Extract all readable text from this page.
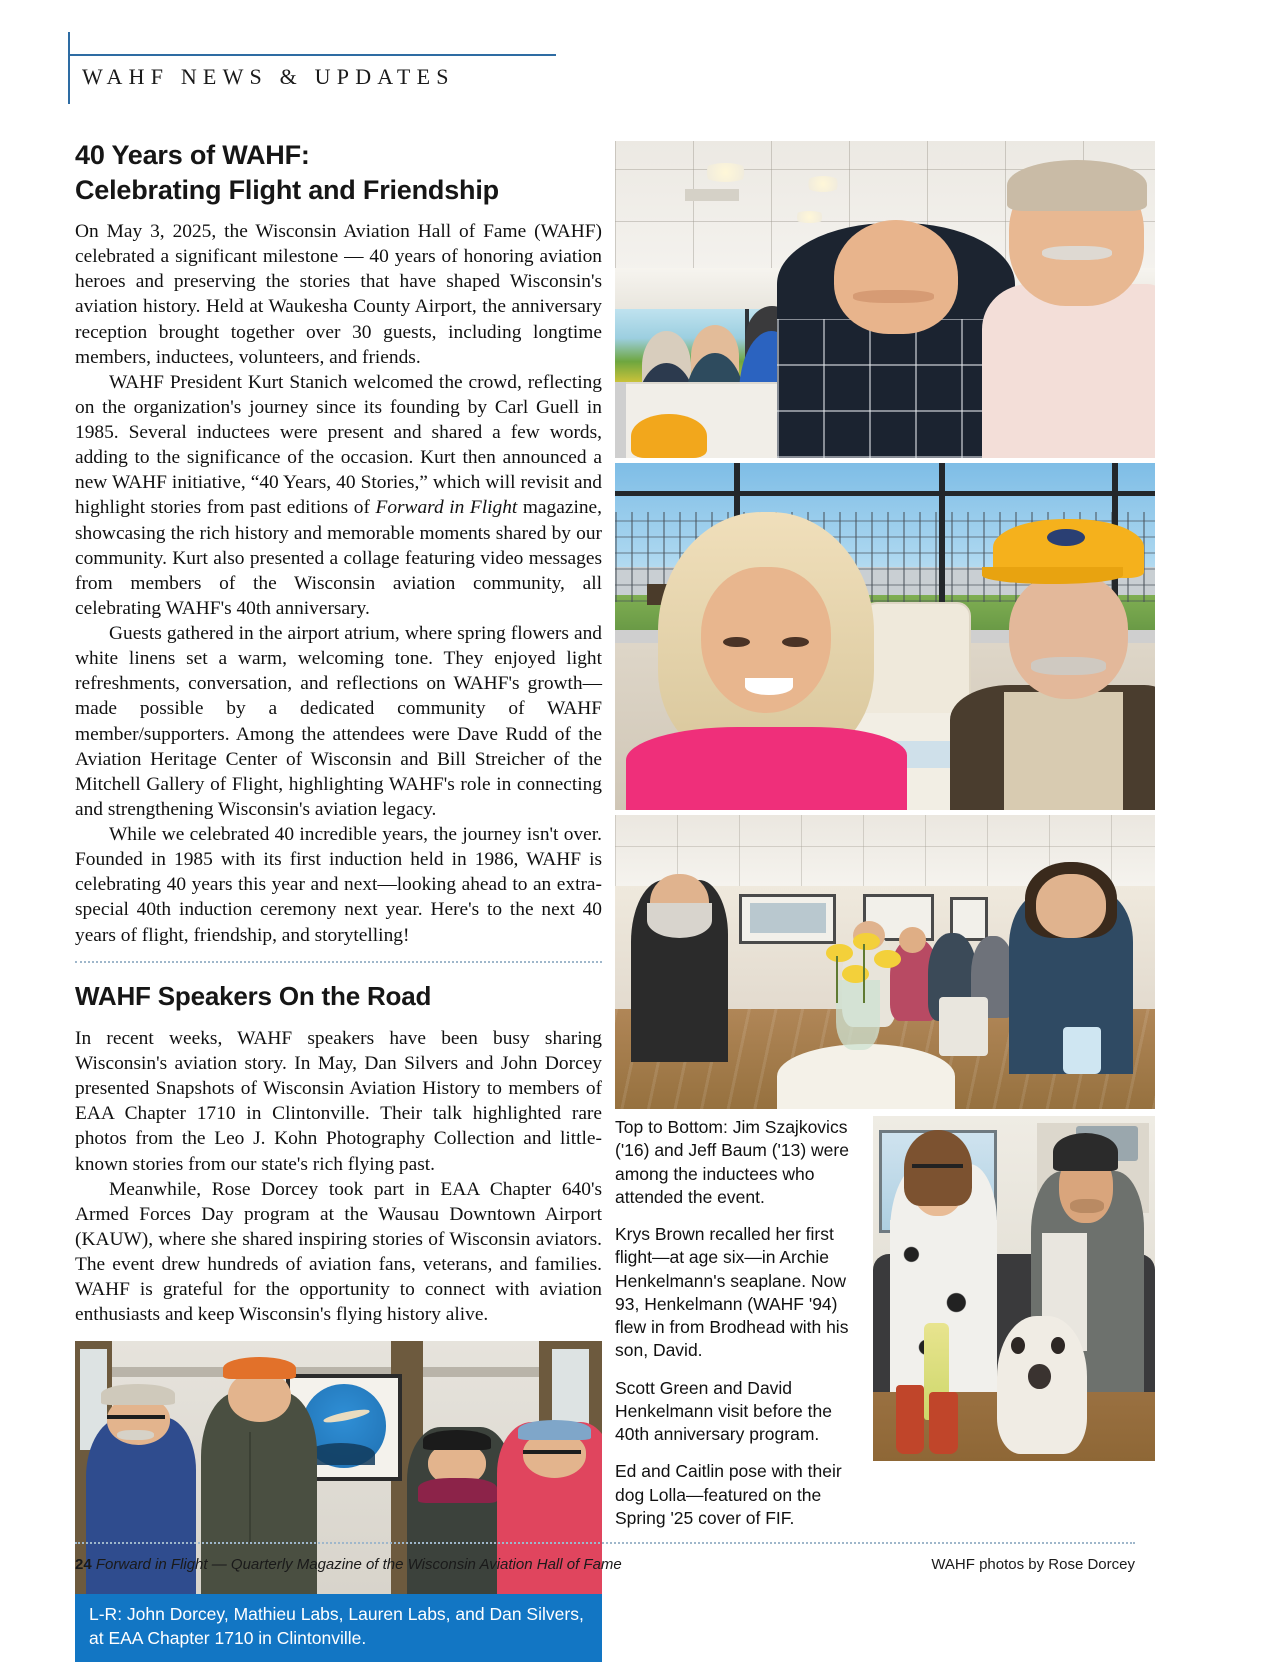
WAHF NEWS & UPDATES
40 Years of WAHF:
Celebrating Flight and Friendship

On May 3, 2025, the Wisconsin Aviation Hall of Fame (WAHF) celebrated a significant milestone — 40 years of honoring aviation heroes and preserving the stories that have shaped Wisconsin's aviation history. Held at Waukesha County Airport, the anniversary reception brought together over 30 guests, including longtime members, inductees, volunteers, and friends.

WAHF President Kurt Stanich welcomed the crowd, reflecting on the organization's journey since its founding by Carl Guell in 1985. Several inductees were present and shared a few words, adding to the significance of the occasion. Kurt then announced a new WAHF initiative, “40 Years, 40 Stories,” which will revisit and highlight stories from past editions of Forward in Flight magazine, showcasing the rich history and memorable moments shared by our community. Kurt also presented a collage featuring video messages from members of the Wisconsin aviation community, all celebrating WAHF's 40th anniversary.

Guests gathered in the airport atrium, where spring flowers and white linens set a warm, welcoming tone. They enjoyed light refreshments, conversation, and reflections on WAHF's growth—made possible by a dedicated community of WAHF member/supporters. Among the attendees were Dave Rudd of the Aviation Heritage Center of Wisconsin and Bill Streicher of the Mitchell Gallery of Flight, highlighting WAHF's role in connecting and strengthening Wisconsin's aviation legacy.

While we celebrated 40 incredible years, the journey isn't over. Founded in 1985 with its first induction held in 1986, WAHF is celebrating 40 years this year and next—looking ahead to an extra-special 40th induction ceremony next year. Here's to the next 40 years of flight, friendship, and storytelling!

WAHF Speakers On the Road

In recent weeks, WAHF speakers have been busy sharing Wisconsin's aviation story. In May, Dan Silvers and John Dorcey presented Snapshots of Wisconsin Aviation History to members of EAA Chapter 1710 in Clintonville. Their talk highlighted rare photos from the Leo J. Kohn Photography Collection and little-known stories from our state's rich flying past.

Meanwhile, Rose Dorcey took part in EAA Chapter 640's Armed Forces Day program at the Wausau Downtown Airport (KAUW), where she shared inspiring stories of Wisconsin aviators. The event drew hundreds of aviation fans, veterans, and families. WAHF is grateful for the opportunity to connect with aviation enthusiasts and keep Wisconsin's flying history alive.

L-R: John Dorcey, Mathieu Labs, Lauren Labs, and Dan Silvers,
at EAA Chapter 1710 in Clintonville.

Top to Bottom: Jim Szajkovics ('16) and Jeff Baum ('13) were among the inductees who attended the event.

Krys Brown recalled her first flight—at age six—in Archie Henkelmann's seaplane. Now 93, Henkelmann (WAHF '94) flew in from Brodhead with his son, David.

Scott Green and David Henkelmann visit before the 40th anniversary program.

Ed and Caitlin pose with their dog Lolla—featured on the Spring '25 cover of FIF.

24 Forward in Flight — Quarterly Magazine of the Wisconsin Aviation Hall of Fame	WAHF photos by Rose Dorcey
